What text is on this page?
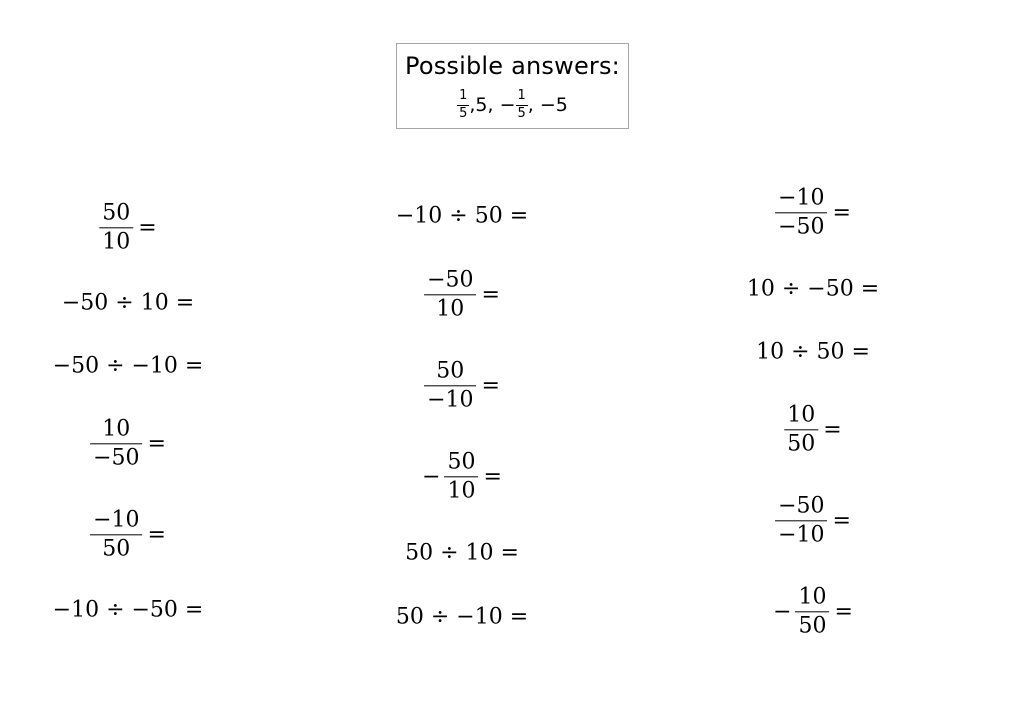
Possible answers:
$\frac{1}{5}$ , 5 , − $\frac{1}{5}$ , −5
$\frac{50}{10}$ =
−50 ÷ 10 =
−50 ÷ −10 =
$\frac{10}{-50}$ =
$\frac{-10}{50}$ =
−10 ÷ −50 =
−10 ÷ 50 =
$\frac{-50}{10}$ =
$\frac{50}{-10}$ =
− $\frac{50}{10}$ =
50 ÷ 10 =
50 ÷ −10 =
$\frac{-10}{-50}$ =
10 ÷ −50 =
10 ÷ 50 =
$\frac{10}{50}$ =
$\frac{-50}{-10}$ =
− $\frac{10}{50}$ =
